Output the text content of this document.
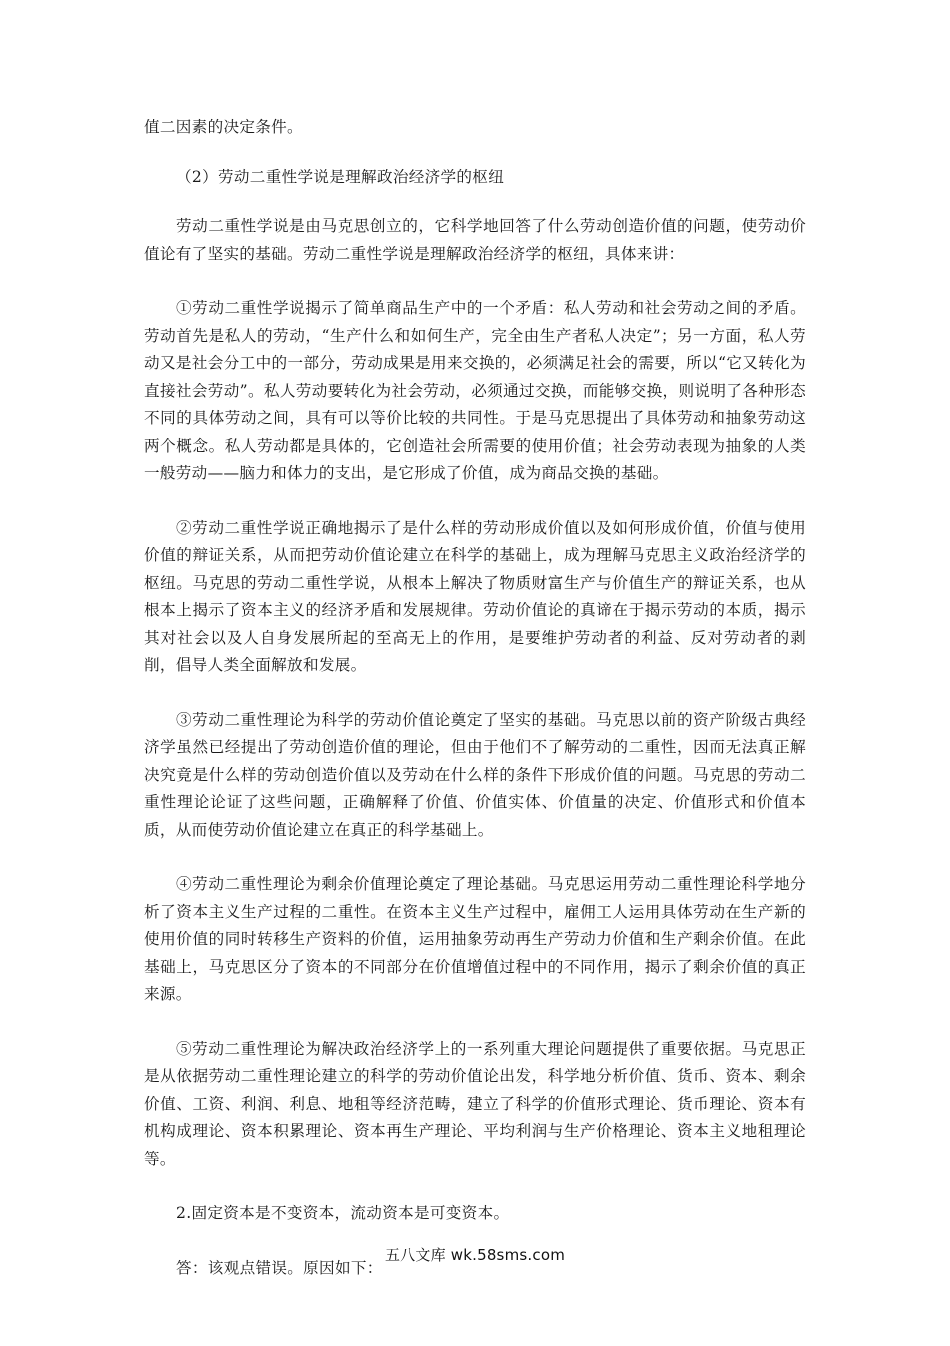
值二因素的决定条件。

（2）劳动二重性学说是理解政治经济学的枢纽

劳动二重性学说是由马克思创立的，它科学地回答了什么劳动创造价值的问题，使劳动价值论有了坚实的基础。劳动二重性学说是理解政治经济学的枢纽，具体来讲：

①劳动二重性学说揭示了简单商品生产中的一个矛盾：私人劳动和社会劳动之间的矛盾。劳动首先是私人的劳动，“生产什么和如何生产，完全由生产者私人决定”；另一方面，私人劳动又是社会分工中的一部分，劳动成果是用来交换的，必须满足社会的需要，所以“它又转化为直接社会劳动”。私人劳动要转化为社会劳动，必须通过交换，而能够交换，则说明了各种形态不同的具体劳动之间，具有可以等价比较的共同性。于是马克思提出了具体劳动和抽象劳动这两个概念。私人劳动都是具体的，它创造社会所需要的使用价值；社会劳动表现为抽象的人类一般劳动——脑力和体力的支出，是它形成了价值，成为商品交换的基础。

②劳动二重性学说正确地揭示了是什么样的劳动形成价值以及如何形成价值，价值与使用价值的辩证关系，从而把劳动价值论建立在科学的基础上，成为理解马克思主义政治经济学的枢纽。马克思的劳动二重性学说，从根本上解决了物质财富生产与价值生产的辩证关系，也从根本上揭示了资本主义的经济矛盾和发展规律。劳动价值论的真谛在于揭示劳动的本质，揭示其对社会以及人自身发展所起的至高无上的作用，是要维护劳动者的利益、反对劳动者的剥削，倡导人类全面解放和发展。

③劳动二重性理论为科学的劳动价值论奠定了坚实的基础。马克思以前的资产阶级古典经济学虽然已经提出了劳动创造价值的理论，但由于他们不了解劳动的二重性，因而无法真正解决究竟是什么样的劳动创造价值以及劳动在什么样的条件下形成价值的问题。马克思的劳动二重性理论论证了这些问题，正确解释了价值、价值实体、价值量的决定、价值形式和价值本质，从而使劳动价值论建立在真正的科学基础上。

④劳动二重性理论为剩余价值理论奠定了理论基础。马克思运用劳动二重性理论科学地分析了资本主义生产过程的二重性。在资本主义生产过程中，雇佣工人运用具体劳动在生产新的使用价值的同时转移生产资料的价值，运用抽象劳动再生产劳动力价值和生产剩余价值。在此基础上，马克思区分了资本的不同部分在价值增值过程中的不同作用，揭示了剩余价值的真正来源。

⑤劳动二重性理论为解决政治经济学上的一系列重大理论问题提供了重要依据。马克思正是从依据劳动二重性理论建立的科学的劳动价值论出发，科学地分析价值、货币、资本、剩余价值、工资、利润、利息、地租等经济范畴，建立了科学的价值形式理论、货币理论、资本有机构成理论、资本积累理论、资本再生产理论、平均利润与生产价格理论、资本主义地租理论等。

2.固定资本是不变资本，流动资本是可变资本。

答：该观点错误。原因如下：

五八文库 wk.58sms.com
